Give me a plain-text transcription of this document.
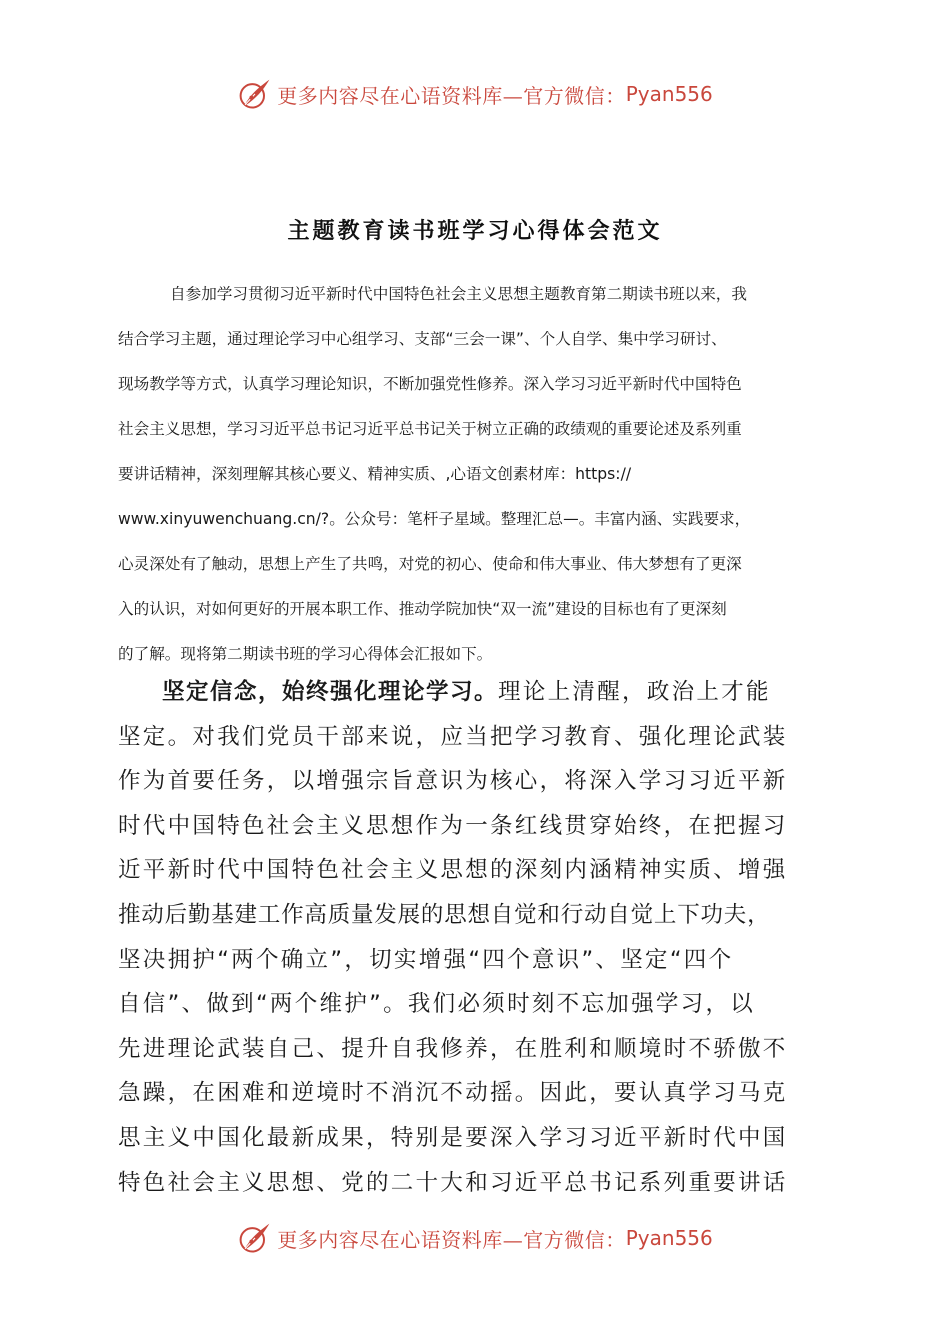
更多内容尽在心语资料库—官方微信： Pyan556
主题教育读书班学习心得体会范文

自参加学习贯彻习近平新时代中国特色社会主义思想主题教育第二期读书班以来，我
结合学习主题，通过理论学习中心组学习、支部“三会一课”、个人自学、集中学习研讨、
现场教学等方式，认真学习理论知识，不断加强党性修养。深入学习习近平新时代中国特色
社会主义思想，学习习近平总书记习近平总书记关于树立正确的政绩观的重要论述及系列重
要讲话精神，深刻理解其核心要义、精神实质、,心语文创素材库：https://
www.xinyuwenchuang.cn/?。公众号：笔杆子星域。整理汇总—。丰富内涵、实践要求，
心灵深处有了触动，思想上产生了共鸣，对党的初心、使命和伟大事业、伟大梦想有了更深
入的认识，对如何更好的开展本职工作、推动学院加快“双一流”建设的目标也有了更深刻
的了解。现将第二期读书班的学习心得体会汇报如下。

坚定信念，始终强化理论学习。理论上清醒，政治上才能
坚定。对我们党员干部来说，应当把学习教育、强化理论武装
作为首要任务，以增强宗旨意识为核心，将深入学习习近平新
时代中国特色社会主义思想作为一条红线贯穿始终，在把握习
近平新时代中国特色社会主义思想的深刻内涵精神实质、增强
推动后勤基建工作高质量发展的思想自觉和行动自觉上下功夫，
坚决拥护“两个确立”，切实增强“四个意识”、坚定“四个
自信”、做到“两个维护”。我们必须时刻不忘加强学习，以
先进理论武装自己、提升自我修养，在胜利和顺境时不骄傲不
急躁，在困难和逆境时不消沉不动摇。因此，要认真学习马克
思主义中国化最新成果，特别是要深入学习习近平新时代中国
特色社会主义思想、党的二十大和习近平总书记系列重要讲话

更多内容尽在心语资料库—官方微信： Pyan556
